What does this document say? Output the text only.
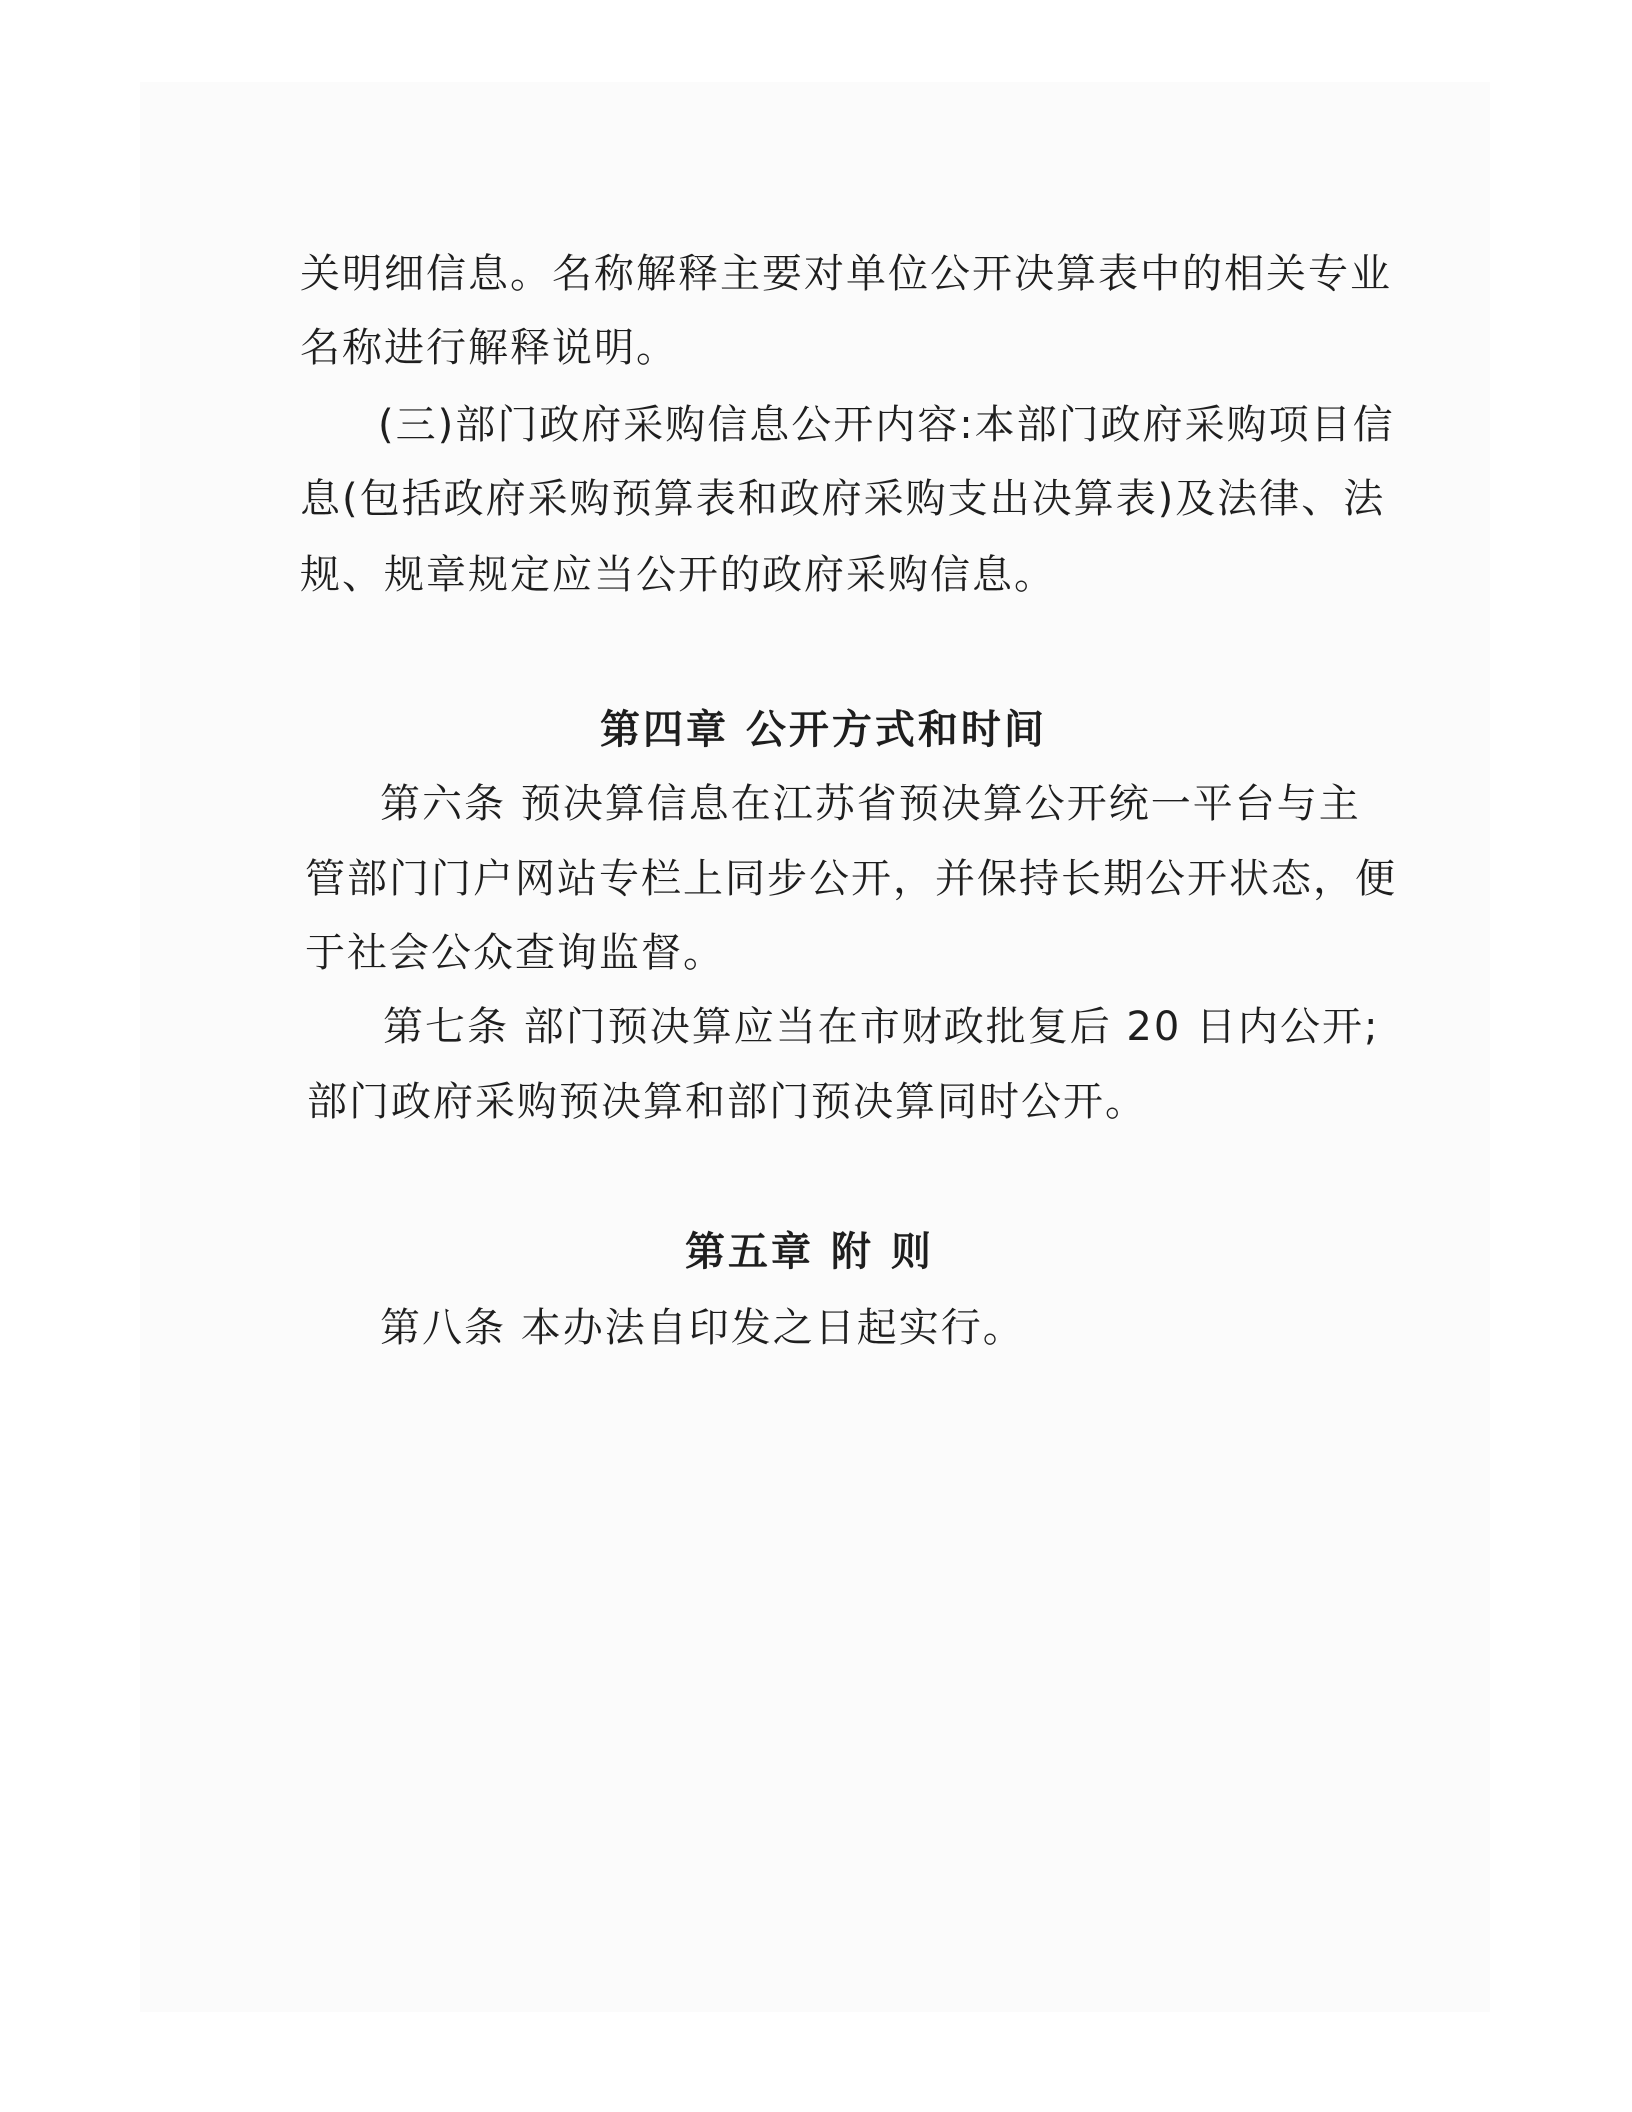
关明细信息。名称解释主要对单位公开决算表中的相关专业
名称进行解释说明。
(三)部门政府采购信息公开内容:本部门政府采购项目信
息(包括政府采购预算表和政府采购支出决算表)及法律、法
规、规章规定应当公开的政府采购信息。
第四章 公开方式和时间
第六条 预决算信息在江苏省预决算公开统一平台与主
管部门门户网站专栏上同步公开，并保持长期公开状态，便
于社会公众查询监督。
第七条 部门预决算应当在市财政批复后 20 日内公开;
部门政府采购预决算和部门预决算同时公开。
第五章 附 则
第八条 本办法自印发之日起实行。
